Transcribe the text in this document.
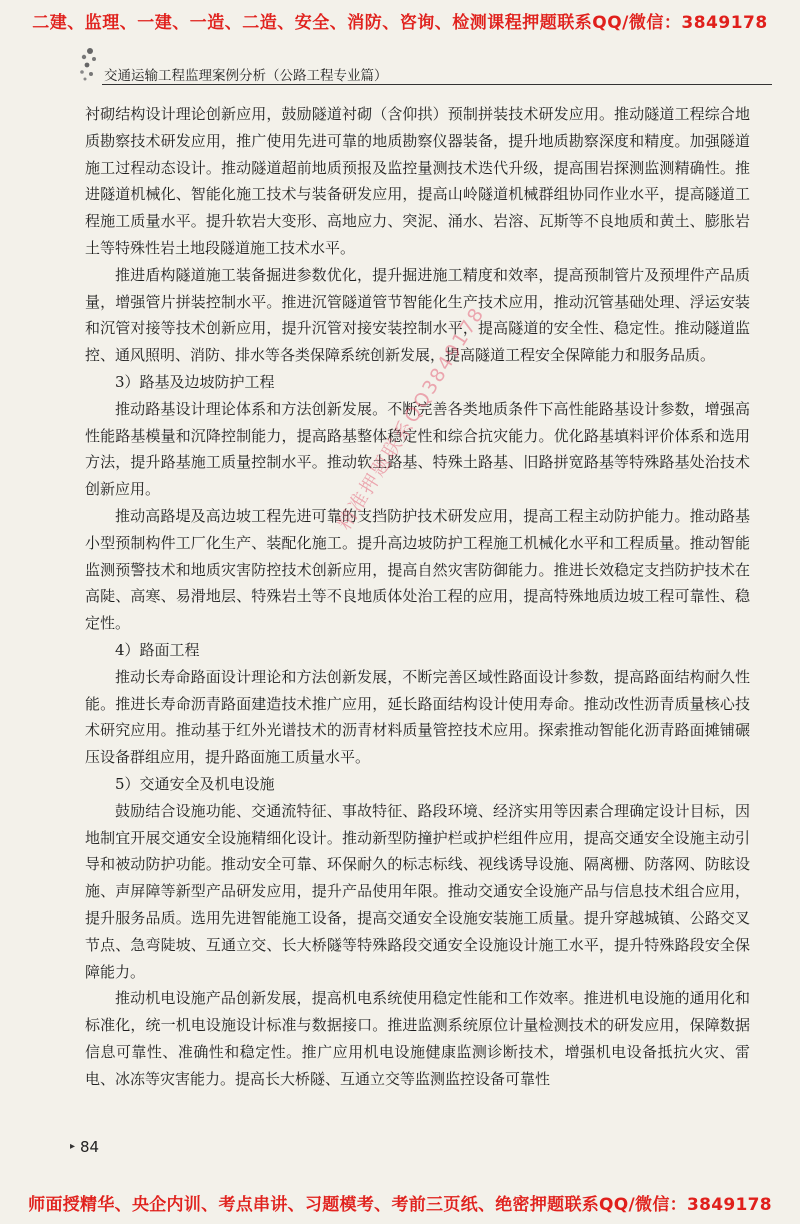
二建、监理、一建、一造、二造、安全、消防、咨询、检测课程押题联系QQ/微信：3849178
交通运输工程监理案例分析（公路工程专业篇）

衬砌结构设计理论创新应用，鼓励隧道衬砌（含仰拱）预制拼装技术研发应用。推动隧道工程综合地质勘察技术研发应用，推广使用先进可靠的地质勘察仪器装备，提升地质勘察深度和精度。加强隧道施工过程动态设计。推动隧道超前地质预报及监控量测技术迭代升级，提高围岩探测监测精确性。推进隧道机械化、智能化施工技术与装备研发应用，提高山岭隧道机械群组协同作业水平，提高隧道工程施工质量水平。提升软岩大变形、高地应力、突泥、涌水、岩溶、瓦斯等不良地质和黄土、膨胀岩土等特殊性岩土地段隧道施工技术水平。

推进盾构隧道施工装备掘进参数优化，提升掘进施工精度和效率，提高预制管片及预埋件产品质量，增强管片拼装控制水平。推进沉管隧道管节智能化生产技术应用，推动沉管基础处理、浮运安装和沉管对接等技术创新应用，提升沉管对接安装控制水平，提高隧道的安全性、稳定性。推动隧道监控、通风照明、消防、排水等各类保障系统创新发展，提高隧道工程安全保障能力和服务品质。

3）路基及边坡防护工程

推动路基设计理论体系和方法创新发展。不断完善各类地质条件下高性能路基设计参数，增强高性能路基模量和沉降控制能力，提高路基整体稳定性和综合抗灾能力。优化路基填料评价体系和选用方法，提升路基施工质量控制水平。推动软土路基、特殊土路基、旧路拼宽路基等特殊路基处治技术创新应用。

推动高路堤及高边坡工程先进可靠的支挡防护技术研发应用，提高工程主动防护能力。推动路基小型预制构件工厂化生产、装配化施工。提升高边坡防护工程施工机械化水平和工程质量。推动智能监测预警技术和地质灾害防控技术创新应用，提高自然灾害防御能力。推进长效稳定支挡防护技术在高陡、高寒、易滑地层、特殊岩土等不良地质体处治工程的应用，提高特殊地质边坡工程可靠性、稳定性。

4）路面工程

推动长寿命路面设计理论和方法创新发展，不断完善区域性路面设计参数，提高路面结构耐久性能。推进长寿命沥青路面建造技术推广应用，延长路面结构设计使用寿命。推动改性沥青质量核心技术研究应用。推动基于红外光谱技术的沥青材料质量管控技术应用。探索推动智能化沥青路面摊铺碾压设备群组应用，提升路面施工质量水平。

5）交通安全及机电设施

鼓励结合设施功能、交通流特征、事故特征、路段环境、经济实用等因素合理确定设计目标，因地制宜开展交通安全设施精细化设计。推动新型防撞护栏或护栏组件应用，提高交通安全设施主动引导和被动防护功能。推动安全可靠、环保耐久的标志标线、视线诱导设施、隔离栅、防落网、防眩设施、声屏障等新型产品研发应用，提升产品使用年限。推动交通安全设施产品与信息技术组合应用，提升服务品质。选用先进智能施工设备，提高交通安全设施安装施工质量。提升穿越城镇、公路交叉节点、急弯陡坡、互通立交、长大桥隧等特殊路段交通安全设施设计施工水平，提升特殊路段安全保障能力。

推动机电设施产品创新发展，提高机电系统使用稳定性能和工作效率。推进机电设施的通用化和标准化，统一机电设施设计标准与数据接口。推进监测系统原位计量检测技术的研发应用，保障数据信息可靠性、准确性和稳定性。推广应用机电设施健康监测诊断技术，增强机电设备抵抗火灾、雷电、冰冻等灾害能力。提高长大桥隧、互通立交等监测监控设备可靠性

精准押题联系QQ3849178
▸ 84
师面授精华、央企内训、考点串讲、习题模考、考前三页纸、绝密押题联系QQ/微信：3849178
